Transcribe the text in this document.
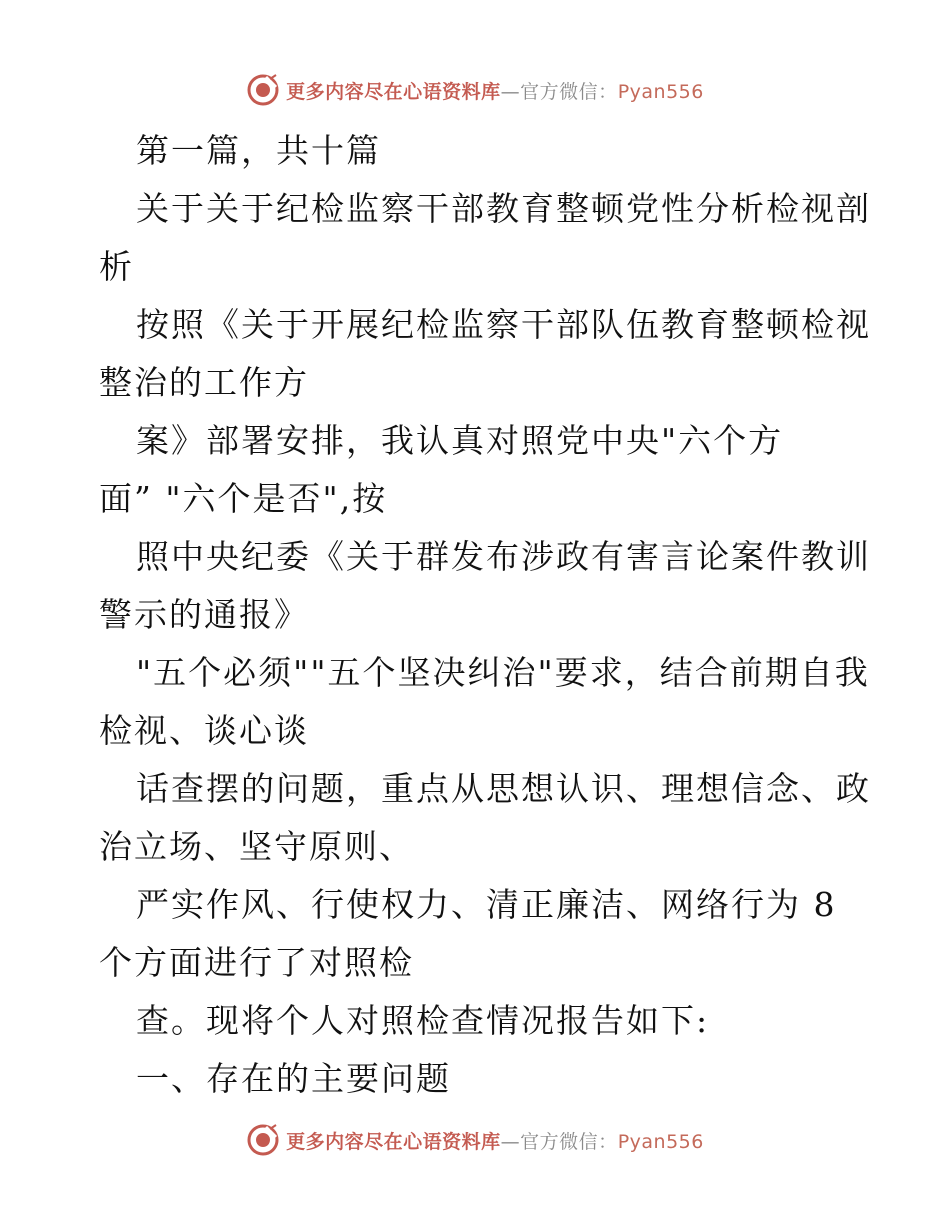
更多内容尽在心语资料库—官方微信：Pyan556
第一篇，共十篇
关于关于纪检监察干部教育整顿党性分析检视剖
析
按照《关于开展纪检监察干部队伍教育整顿检视
整治的工作方
案》部署安排，我认真对照党中央"六个方
面” "六个是否",按
照中央纪委《关于群发布涉政有害言论案件教训
警示的通报》
"五个必须""五个坚决纠治"要求，结合前期自我
检视、谈心谈
话查摆的问题，重点从思想认识、理想信念、政
治立场、坚守原则、
严实作风、行使权力、清正廉洁、网络行为 8
个方面进行了对照检
查。现将个人对照检查情况报告如下:
一、存在的主要问题
更多内容尽在心语资料库—官方微信：Pyan556
